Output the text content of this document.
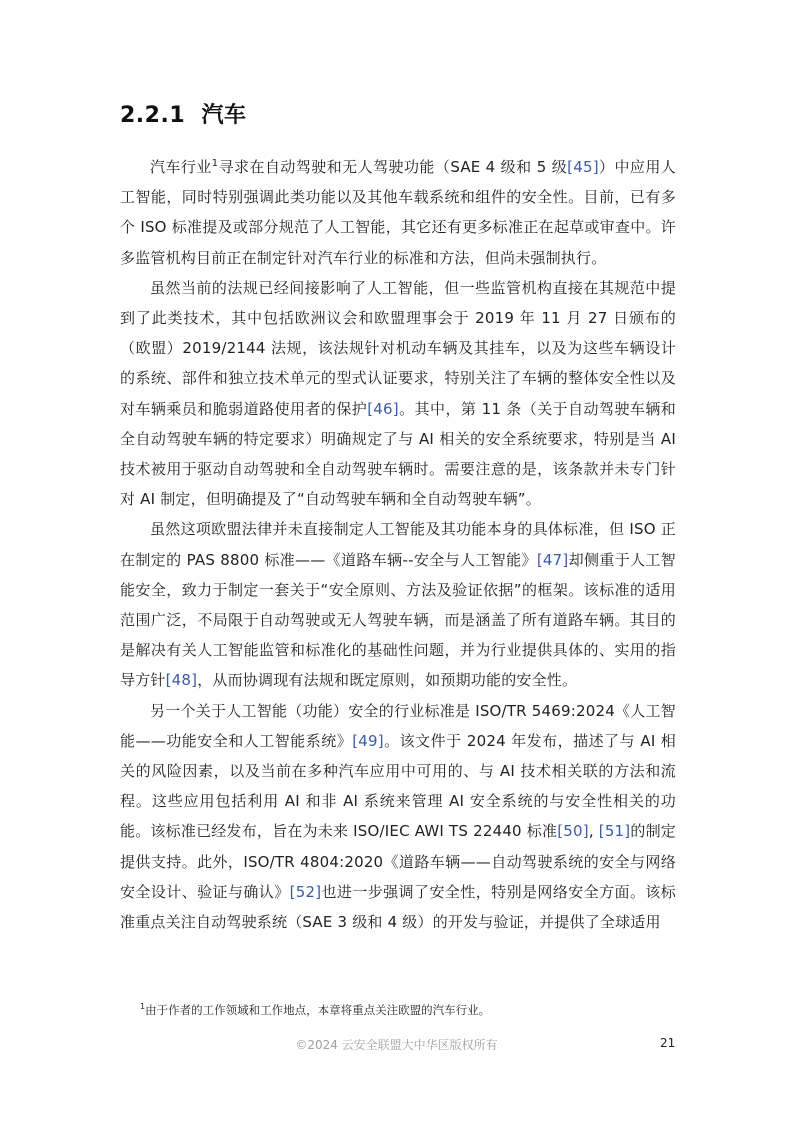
2.2.1 汽车

汽车行业$^1$寻求在自动驾驶和无人驾驶功能（SAE 4 级和 5 级[45]）中应用人工智能，同时特别强调此类功能以及其他车载系统和组件的安全性。目前，已有多个 ISO 标准提及或部分规范了人工智能，其它还有更多标准正在起草或审查中。许多监管机构目前正在制定针对汽车行业的标准和方法，但尚未强制执行。

虽然当前的法规已经间接影响了人工智能，但一些监管机构直接在其规范中提到了此类技术，其中包括欧洲议会和欧盟理事会于 2019 年 11 月 27 日颁布的（欧盟）2019/2144 法规，该法规针对机动车辆及其挂车，以及为这些车辆设计的系统、部件和独立技术单元的型式认证要求，特别关注了车辆的整体安全性以及对车辆乘员和脆弱道路使用者的保护[46]。其中，第 11 条（关于自动驾驶车辆和全自动驾驶车辆的特定要求）明确规定了与 AI 相关的安全系统要求，特别是当 AI 技术被用于驱动自动驾驶和全自动驾驶车辆时。需要注意的是，该条款并未专门针对 AI 制定，但明确提及了“自动驾驶车辆和全自动驾驶车辆”。

虽然这项欧盟法律并未直接制定人工智能及其功能本身的具体标准，但 ISO 正在制定的 PAS 8800 标准——《道路车辆--安全与人工智能》[47]却侧重于人工智能安全，致力于制定一套关于“安全原则、方法及验证依据”的框架。该标准的适用范围广泛，不局限于自动驾驶或无人驾驶车辆，而是涵盖了所有道路车辆。其目的是解决有关人工智能监管和标准化的基础性问题，并为行业提供具体的、实用的指导方针[48]，从而协调现有法规和既定原则，如预期功能的安全性。

另一个关于人工智能（功能）安全的行业标准是 ISO/TR 5469:2024《人工智能——功能安全和人工智能系统》[49]。该文件于 2024 年发布，描述了与 AI 相关的风险因素，以及当前在多种汽车应用中可用的、与 AI 技术相关联的方法和流程。这些应用包括利用 AI 和非 AI 系统来管理 AI 安全系统的与安全性相关的功能。该标准已经发布，旨在为未来 ISO/IEC AWI TS 22440 标准[50], [51]的制定提供支持。此外，ISO/TR 4804:2020《道路车辆——自动驾驶系统的安全与网络安全设计、验证与确认》[52]也进一步强调了安全性，特别是网络安全方面。该标准重点关注自动驾驶系统（SAE 3 级和 4 级）的开发与验证，并提供了全球适用

$^1$由于作者的工作领域和工作地点，本章将重点关注欧盟的汽车行业。
©2024 云安全联盟大中华区版权所有	21
